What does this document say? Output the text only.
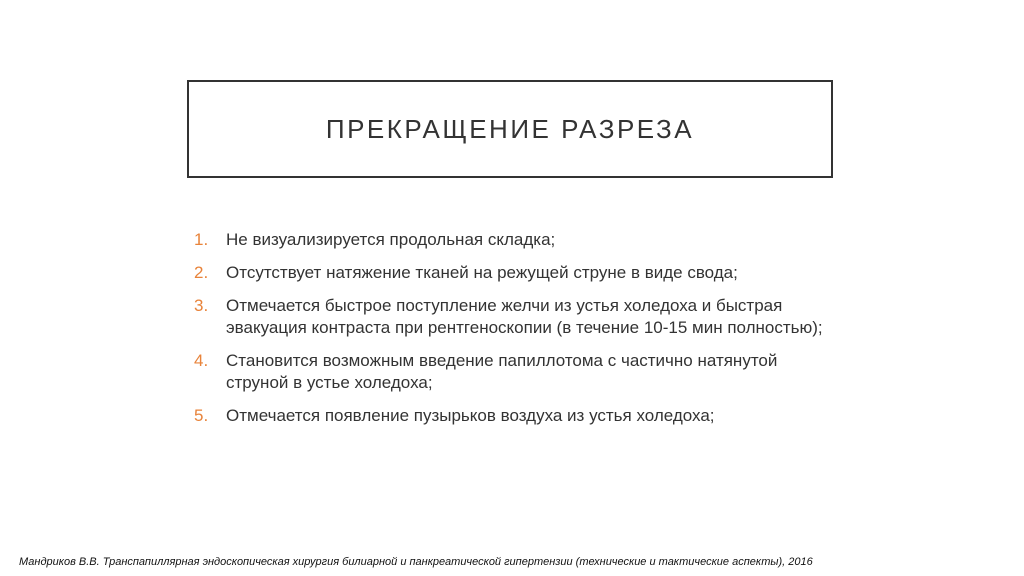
ПРЕКРАЩЕНИЕ РАЗРЕЗА
1.	Не визуализируется продольная складка;
2.	Отсутствует натяжение тканей на режущей струне в виде свода;
3.	Отмечается быстрое поступление желчи из устья холедоха и быстрая эвакуация контраста при рентгеноскопии (в течение 10-15 мин полностью);
4.	Становится возможным введение папиллотома с частично натянутой струной в устье холедоха;
5.	Отмечается появление пузырьков воздуха из устья холедоха;
Мандриков В.В. Транспапиллярная эндоскопическая хирургия билиарной и панкреатической гипертензии (технические и тактические аспекты), 2016
